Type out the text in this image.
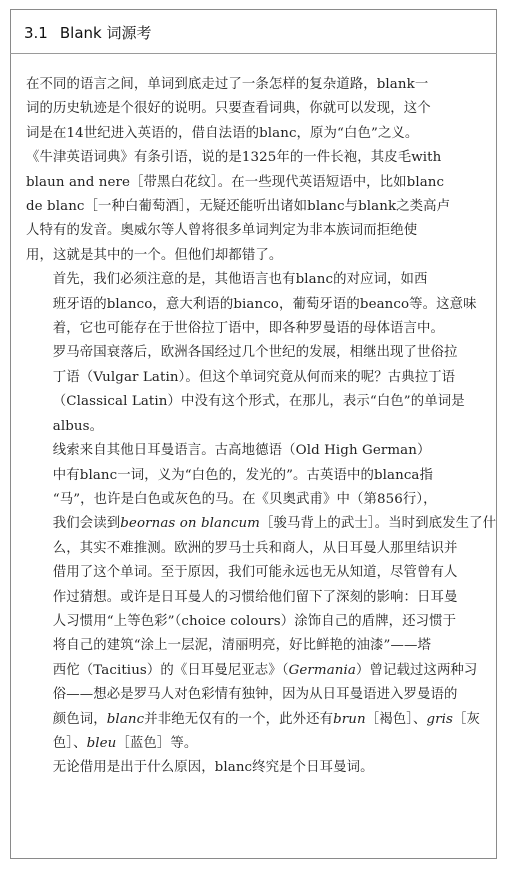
3.1 Blank 词源考

在不同的语言之间，单词到底走过了一条怎样的复杂道路，blank一
词的历史轨迹是个很好的说明。只要查看词典，你就可以发现，这个
词是在14世纪进入英语的，借自法语的blanc，原为“白色”之义。
《牛津英语词典》有条引语，说的是1325年的一件长袍，其皮毛with
blaun and nere［带黑白花纹］。在一些现代英语短语中，比如blanc
de blanc［一种白葡萄酒］，无疑还能听出诸如blanc与blank之类高卢
人特有的发音。奥威尔等人曾将很多单词判定为非本族词而拒绝使
用，这就是其中的一个。但他们却都错了。

首先，我们必须注意的是，其他语言也有blanc的对应词，如西
班牙语的blanco，意大利语的bianco，葡萄牙语的beanco等。这意味
着，它也可能存在于世俗拉丁语中，即各种罗曼语的母体语言中。
罗马帝国衰落后，欧洲各国经过几个世纪的发展，相继出现了世俗拉
丁语（Vulgar Latin）。但这个单词究竟从何而来的呢？古典拉丁语
（Classical Latin）中没有这个形式，在那儿，表示“白色”的单词是
albus。

线索来自其他日耳曼语言。古高地德语（Old High German）
中有blanc一词，义为“白色的，发光的”。古英语中的blanca指
“马”，也许是白色或灰色的马。在《贝奥武甫》中（第856行），
我们会读到beornas on blancum［骏马背上的武士］。当时到底发生了什
么，其实不难推测。欧洲的罗马士兵和商人，从日耳曼人那里结识并
借用了这个单词。至于原因，我们可能永远也无从知道，尽管曾有人
作过猜想。或许是日耳曼人的习惯给他们留下了深刻的影响：日耳曼
人习惯用“上等色彩”（choice colours）涂饰自己的盾牌，还习惯于
将自己的建筑“涂上一层泥，清丽明亮，好比鲜艳的油漆”——塔
西佗（Tacitius）的《日耳曼尼亚志》（Germania）曾记载过这两种习
俗——想必是罗马人对色彩情有独钟，因为从日耳曼语进入罗曼语的
颜色词，blanc并非绝无仅有的一个，此外还有brun［褐色］、gris［灰
色］、bleu［蓝色］等。

无论借用是出于什么原因，blanc终究是个日耳曼词。
